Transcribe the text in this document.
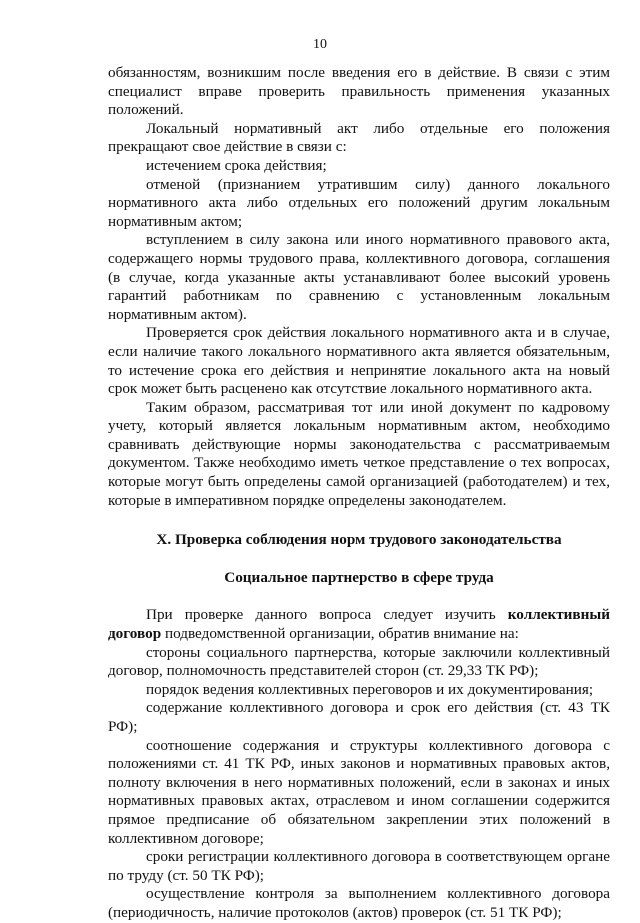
10

обязанностям, возникшим после введения его в действие. В связи с этим специалист вправе проверить правильность применения указанных положений.

Локальный нормативный акт либо отдельные его положения прекращают свое действие в связи с:

истечением срока действия;

отменой (признанием утратившим силу) данного локального нормативного акта либо отдельных его положений другим локальным нормативным актом;

вступлением в силу закона или иного нормативного правового акта, содержащего нормы трудового права, коллективного договора, соглашения (в случае, когда указанные акты устанавливают более высокий уровень гарантий работникам по сравнению с установленным локальным нормативным актом).

Проверяется срок действия локального нормативного акта и в случае, если наличие такого локального нормативного акта является обязательным, то истечение срока его действия и непринятие локального акта на новый срок может быть расценено как отсутствие локального нормативного акта.

Таким образом, рассматривая тот или иной документ по кадровому учету, который является локальным нормативным актом, необходимо сравнивать действующие нормы законодательства с рассматриваемым документом. Также необходимо иметь четкое представление о тех вопросах, которые могут быть определены самой организацией (работодателем) и тех, которые в императивном порядке определены законодателем.

X. Проверка соблюдения норм трудового законодательства

Социальное партнерство в сфере труда

При проверке данного вопроса следует изучить коллективный договор подведомственной организации, обратив внимание на:

стороны социального партнерства, которые заключили коллективный договор, полномочность представителей сторон (ст. 29,33 ТК РФ);

порядок ведения коллективных переговоров и их документирования;

содержание коллективного договора и срок его действия (ст. 43 ТК РФ);

соотношение содержания и структуры коллективного договора с положениями ст. 41 ТК РФ, иных законов и нормативных правовых актов, полноту включения в него нормативных положений, если в законах и иных нормативных правовых актах, отраслевом и ином соглашении содержится прямое предписание об обязательном закреплении этих положений в коллективном договоре;

сроки регистрации коллективного договора в соответствующем органе по труду (ст. 50 ТК РФ);

осуществление контроля за выполнением коллективного договора (периодичность, наличие протоколов (актов) проверок (ст. 51 ТК РФ);
